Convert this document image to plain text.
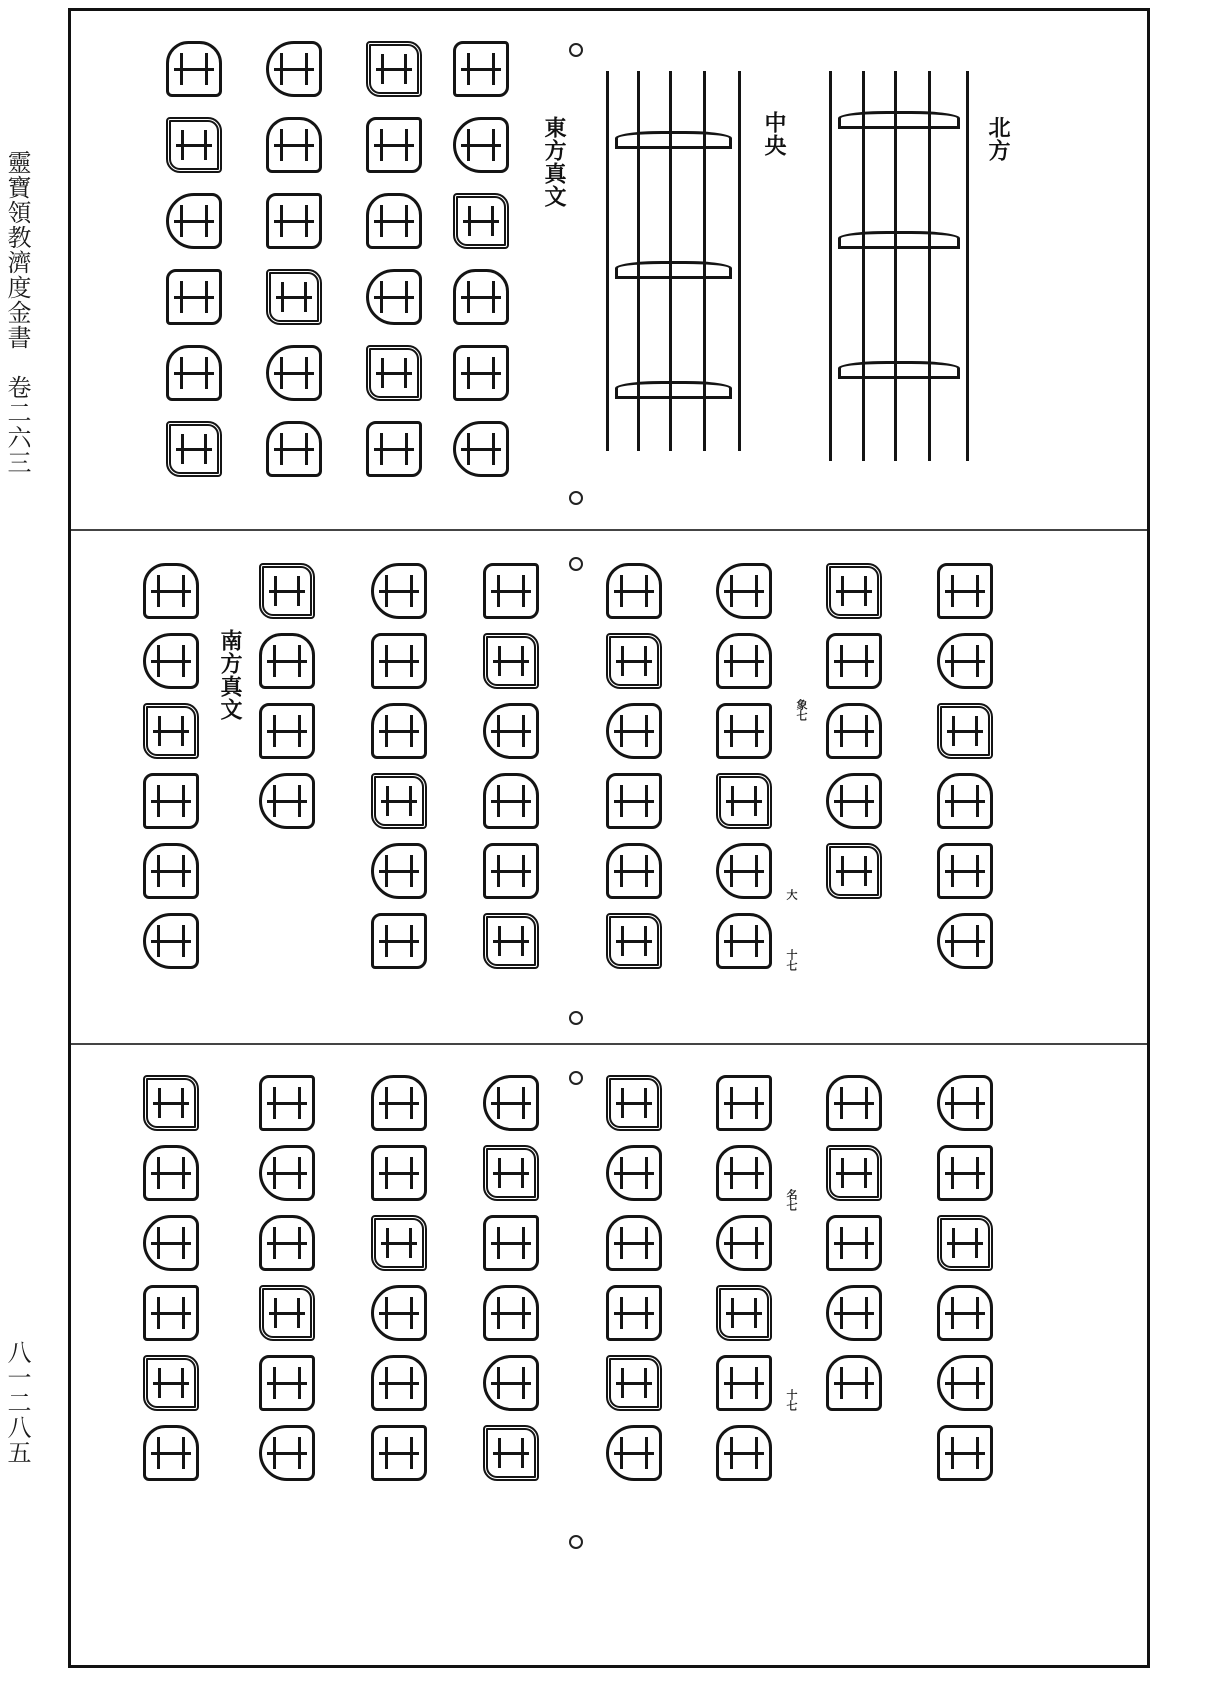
靈寶領教濟度金書　卷二六三
八一二八五
北方
中央
東方真文
南方真文	象七
大
十七
名七
十七
